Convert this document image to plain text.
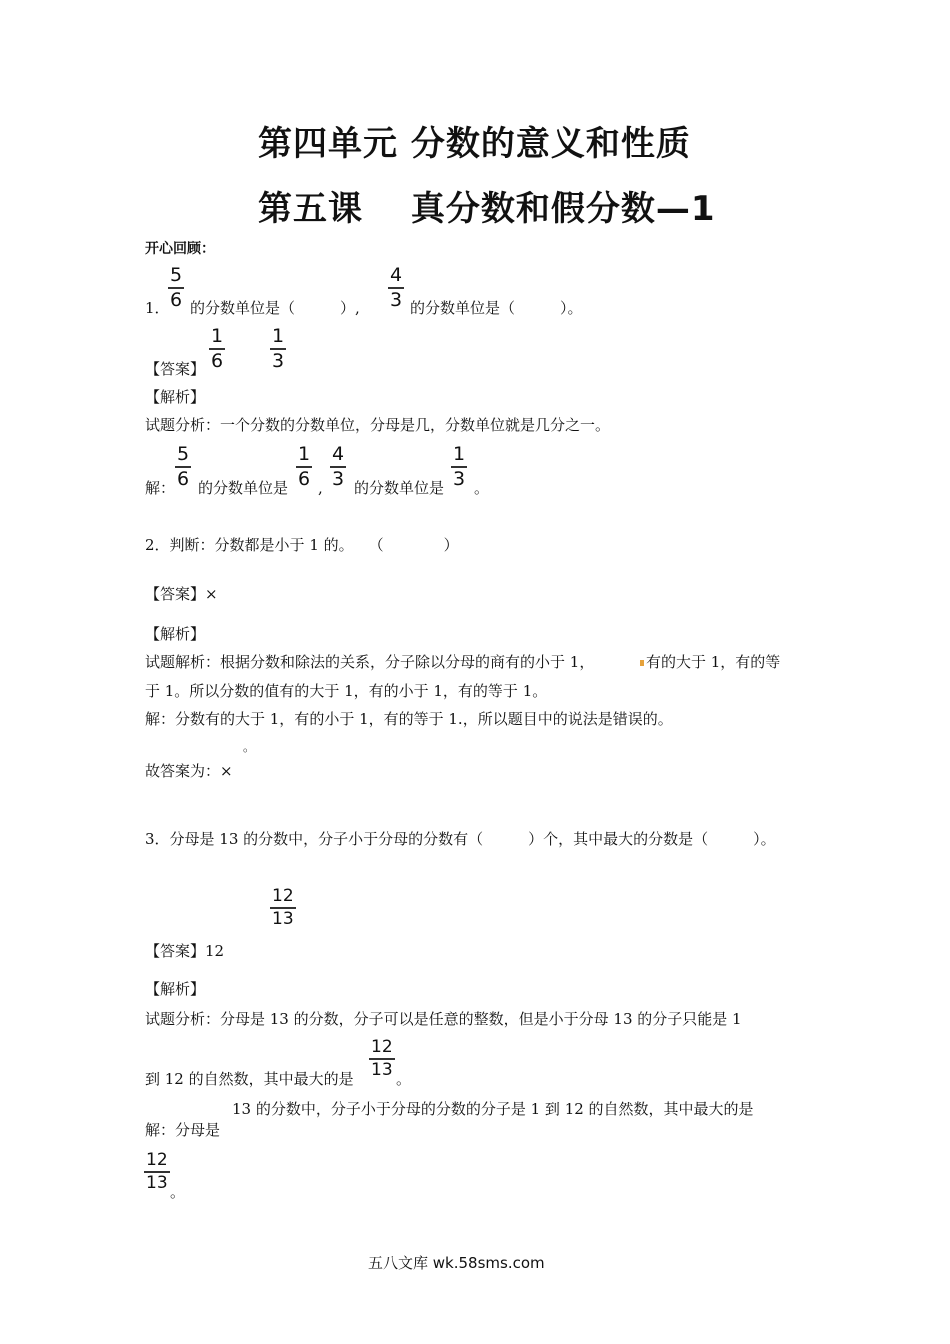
第四单元 分数的意义和性质
第五课　 真分数和假分数—1
开心回顾：
1．
5
6 的分数单位是（　　　）,
4
3 的分数单位是（　　　）。
【答案】
1
6
1
3
【解析】
试题分析：一个分数的分数单位，分母是几，分数单位就是几分之一。
解：
5
6 的分数单位是
1
6 ,
4
3 的分数单位是
1
3 。
2．判断：分数都是小于 1 的。　　（　　　　）
【答案】×
【解析】
试题解析：根据分数和除法的关系，分子除以分母的商有的小于 1，	有的大于 1，有的等
于 1。所以分数的值有的大于 1，有的小于 1，有的等于 1。
解：分数有的大于 1，有的小于 1，有的等于 1.，所以题目中的说法是错误的。
。
故答案为：×
3．分母是 13 的分数中，分子小于分母的分数有（　　　）个，其中最大的分数是（　　　）。
12
13
【答案】12
【解析】
试题分析：分母是 13 的分数，分子可以是任意的整数，但是小于分母 13 的分子只能是 1
到 12 的自然数，其中最大的是
12
13 。
13 的分数中，分子小于分母的分数的分子是 1 到 12 的自然数，其中最大的是
解：分母是
12
13 。
五八文库 wk.58sms.com
